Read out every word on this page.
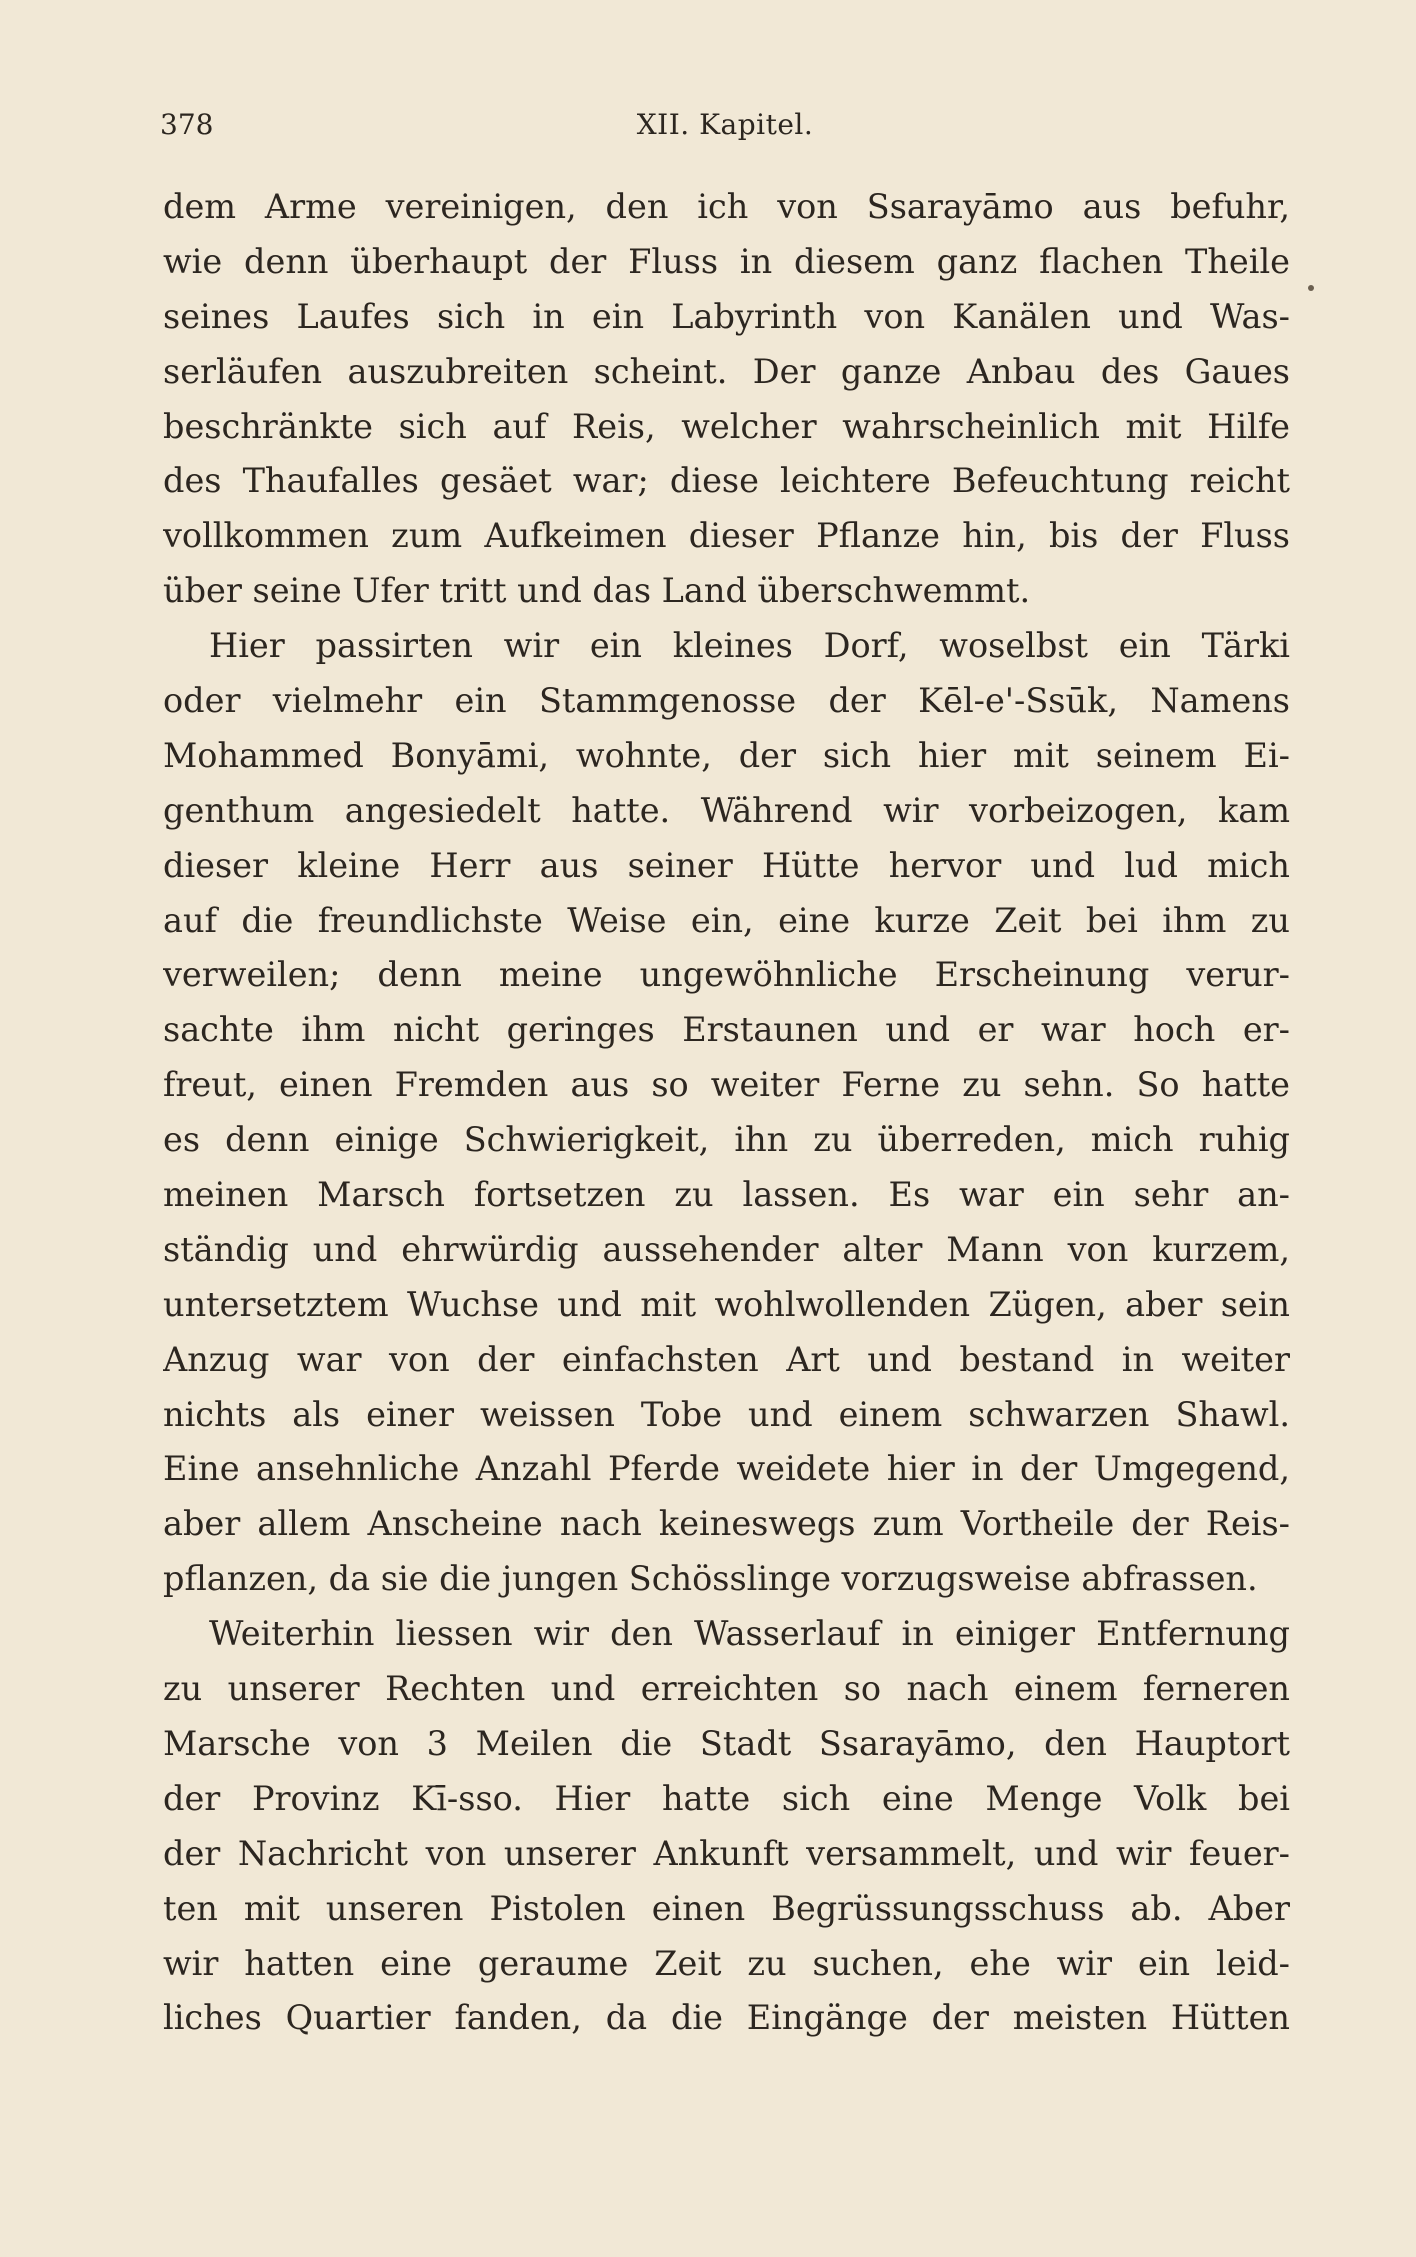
378	XII. Kapitel.
dem Arme vereinigen, den ich von Ssarayāmo aus befuhr,
wie denn überhaupt der Fluss in diesem ganz flachen Theile
seines Laufes sich in ein Labyrinth von Kanälen und Was-
serläufen auszubreiten scheint. Der ganze Anbau des Gaues
beschränkte sich auf Reis, welcher wahrscheinlich mit Hilfe
des Thaufalles gesäet war; diese leichtere Befeuchtung reicht
vollkommen zum Aufkeimen dieser Pflanze hin, bis der Fluss
über seine Ufer tritt und das Land überschwemmt.
Hier passirten wir ein kleines Dorf, woselbst ein Tärki
oder vielmehr ein Stammgenosse der Kēl-e'-Ssūk, Namens
Mohammed Bonyāmi, wohnte, der sich hier mit seinem Ei-
genthum angesiedelt hatte. Während wir vorbeizogen, kam
dieser kleine Herr aus seiner Hütte hervor und lud mich
auf die freundlichste Weise ein, eine kurze Zeit bei ihm zu
verweilen; denn meine ungewöhnliche Erscheinung verur-
sachte ihm nicht geringes Erstaunen und er war hoch er-
freut, einen Fremden aus so weiter Ferne zu sehn. So hatte
es denn einige Schwierigkeit, ihn zu überreden, mich ruhig
meinen Marsch fortsetzen zu lassen. Es war ein sehr an-
ständig und ehrwürdig aussehender alter Mann von kurzem,
untersetztem Wuchse und mit wohlwollenden Zügen, aber sein
Anzug war von der einfachsten Art und bestand in weiter
nichts als einer weissen Tobe und einem schwarzen Shawl.
Eine ansehnliche Anzahl Pferde weidete hier in der Umgegend,
aber allem Anscheine nach keineswegs zum Vortheile der Reis-
pflanzen, da sie die jungen Schösslinge vorzugsweise abfrassen.
Weiterhin liessen wir den Wasserlauf in einiger Entfernung
zu unserer Rechten und erreichten so nach einem ferneren
Marsche von 3 Meilen die Stadt Ssarayāmo, den Hauptort
der Provinz Kī-sso. Hier hatte sich eine Menge Volk bei
der Nachricht von unserer Ankunft versammelt, und wir feuer-
ten mit unseren Pistolen einen Begrüssungsschuss ab. Aber
wir hatten eine geraume Zeit zu suchen, ehe wir ein leid-
liches Quartier fanden, da die Eingänge der meisten Hütten
